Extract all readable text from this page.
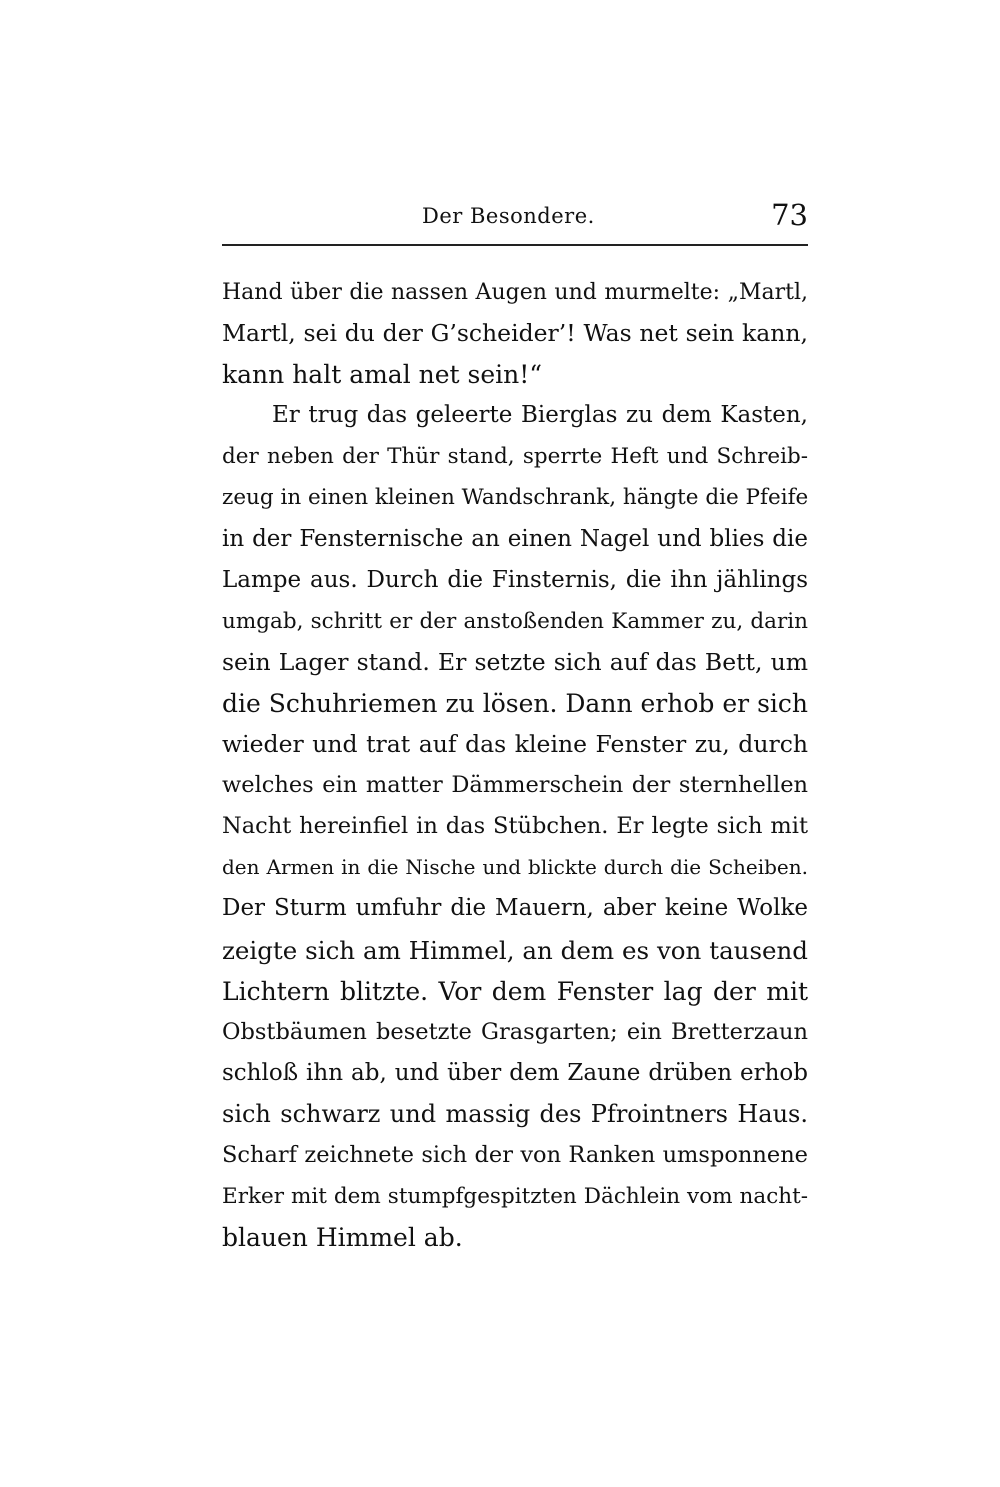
Der Besondere.	73
Hand über die nassen Augen und murmelte: „Martl,
Martl, sei du der G’scheider’! Was net sein kann,
kann halt amal net sein!“
Er trug das geleerte Bierglas zu dem Kasten,
der neben der Thür stand, sperrte Heft und Schreib-
zeug in einen kleinen Wandschrank, hängte die Pfeife
in der Fensternische an einen Nagel und blies die
Lampe aus. Durch die Finsternis, die ihn jählings
umgab, schritt er der anstoßenden Kammer zu, darin
sein Lager stand. Er setzte sich auf das Bett, um
die Schuhriemen zu lösen. Dann erhob er sich
wieder und trat auf das kleine Fenster zu, durch
welches ein matter Dämmerschein der sternhellen
Nacht hereinfiel in das Stübchen. Er legte sich mit
den Armen in die Nische und blickte durch die Scheiben.
Der Sturm umfuhr die Mauern, aber keine Wolke
zeigte sich am Himmel, an dem es von tausend
Lichtern blitzte. Vor dem Fenster lag der mit
Obstbäumen besetzte Grasgarten; ein Bretterzaun
schloß ihn ab, und über dem Zaune drüben erhob
sich schwarz und massig des Pfrointners Haus.
Scharf zeichnete sich der von Ranken umsponnene
Erker mit dem stumpfgespitzten Dächlein vom nacht-
blauen Himmel ab.
